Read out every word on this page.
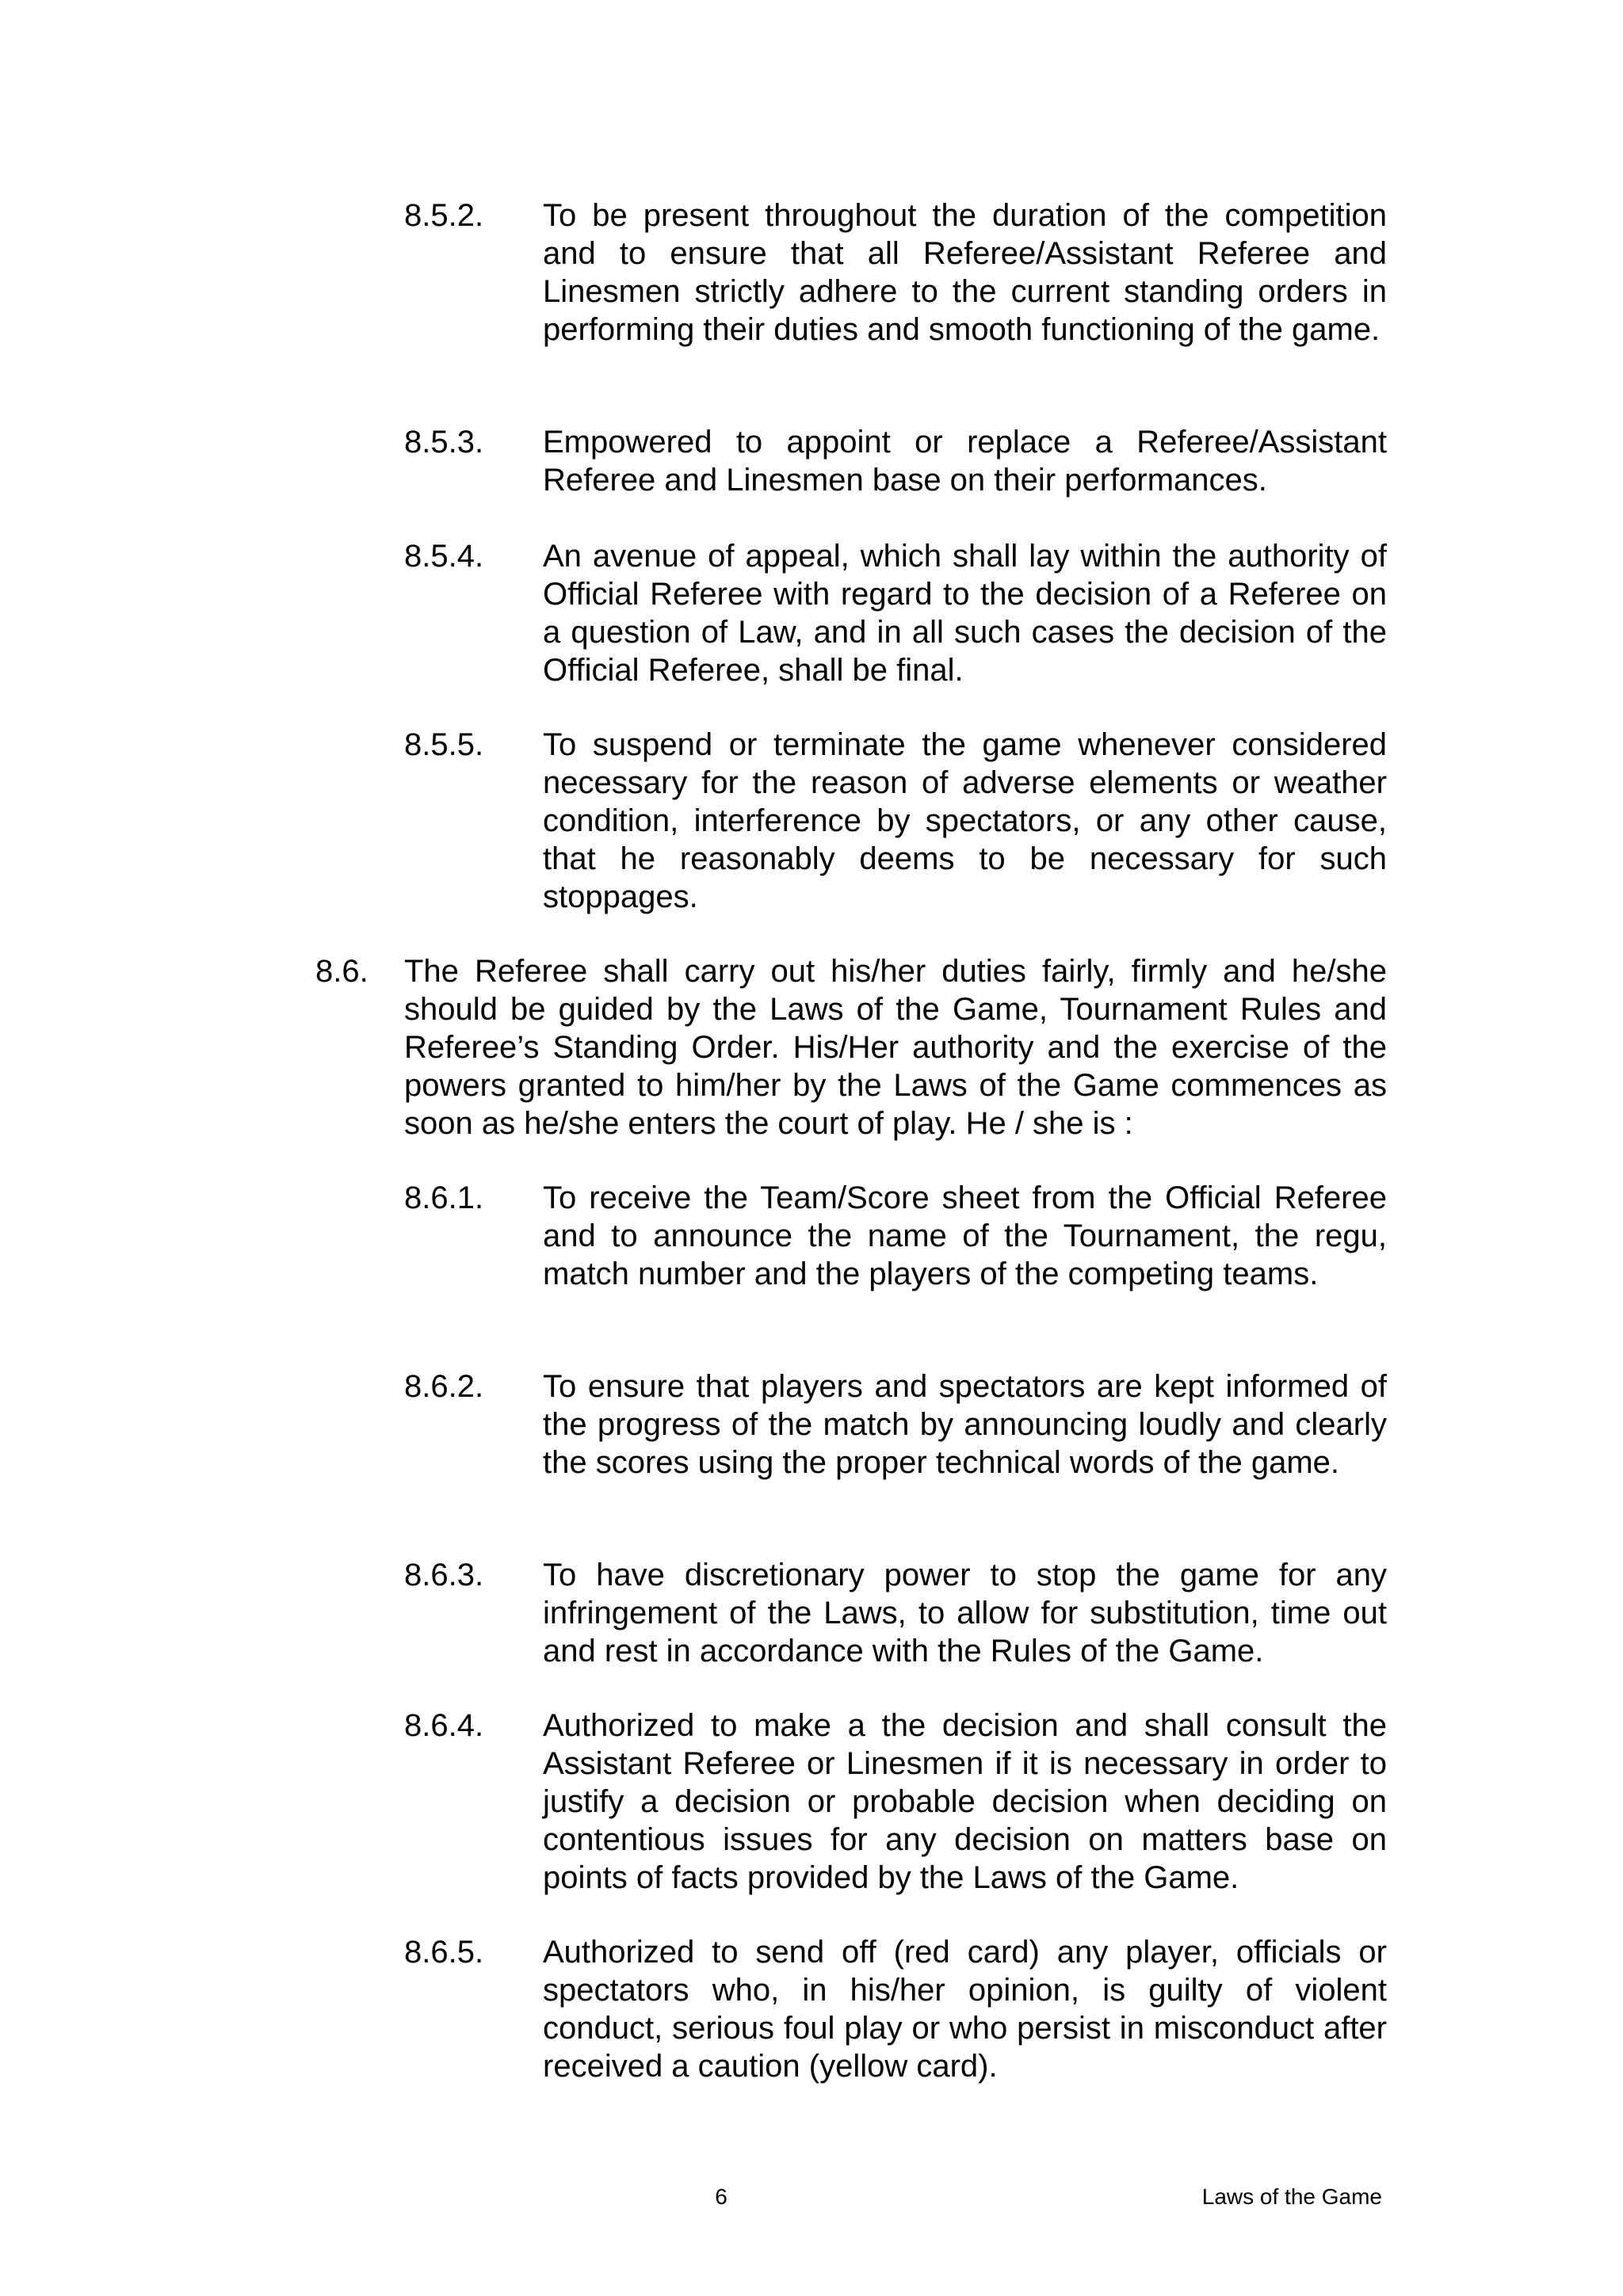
8.5.2. To be present throughout the duration of the competition and to ensure that all Referee/Assistant Referee and Linesmen strictly adhere to the current standing orders in performing their duties and smooth functioning of the game.
8.5.3. Empowered to appoint or replace a Referee/Assistant Referee and Linesmen base on their performances.
8.5.4. An avenue of appeal, which shall lay within the authority of Official Referee with regard to the decision of a Referee on a question of Law, and in all such cases the decision of the Official Referee, shall be final.
8.5.5. To suspend or terminate the game whenever considered necessary for the reason of adverse elements or weather condition, interference by spectators, or any other cause, that he reasonably deems to be necessary for such stoppages.
8.6. The Referee shall carry out his/her duties fairly, firmly and he/she should be guided by the Laws of the Game, Tournament Rules and Referee’s Standing Order. His/Her authority and the exercise of the powers granted to him/her by the Laws of the Game commences as soon as he/she enters the court of play. He / she is :
8.6.1. To receive the Team/Score sheet from the Official Referee and to announce the name of the Tournament, the regu, match number and the players of the competing teams.
8.6.2. To ensure that players and spectators are kept informed of the progress of the match by announcing loudly and clearly the scores using the proper technical words of the game.
8.6.3. To have discretionary power to stop the game for any infringement of the Laws, to allow for substitution, time out and rest in accordance with the Rules of the Game.
8.6.4. Authorized to make a the decision and shall consult the Assistant Referee or Linesmen if it is necessary in order to justify a decision or probable decision when deciding on contentious issues for any decision on matters base on points of facts provided by the Laws of the Game.
8.6.5. Authorized to send off (red card) any player, officials or spectators who, in his/her opinion, is guilty of violent conduct, serious foul play or who persist in misconduct after received a caution (yellow card).
6	Laws of the Game
